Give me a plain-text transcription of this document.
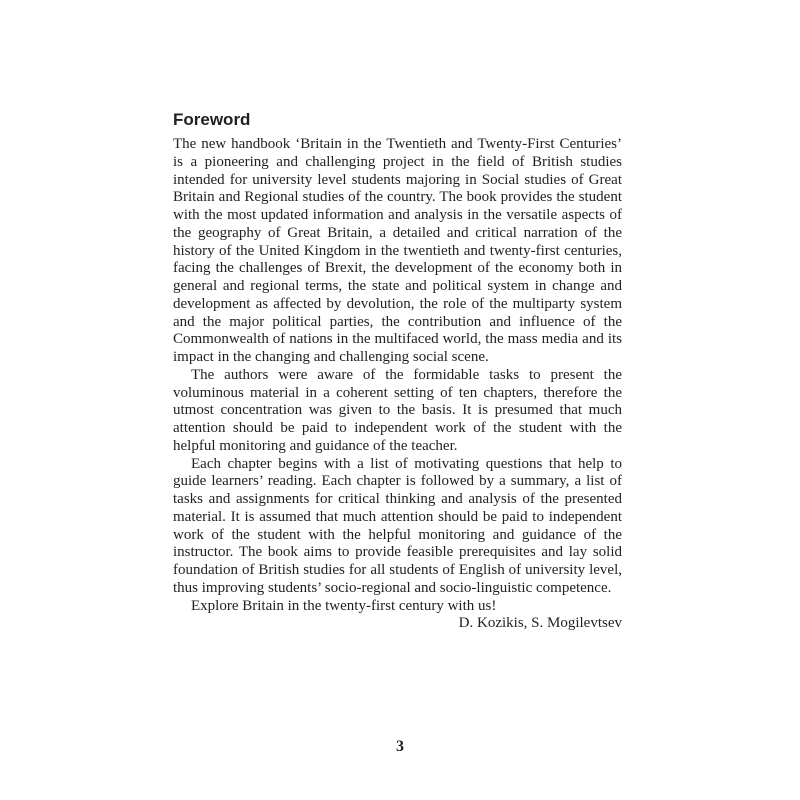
Foreword

The new handbook ‘Britain in the Twentieth and Twenty-First Centuries’ is a pioneering and challenging project in the field of British studies intended for university level students majoring in Social studies of Great Britain and Regional studies of the country. The book provides the student with the most updated information and analysis in the versatile aspects of the geography of Great Britain, a detailed and critical narration of the history of the United Kingdom in the twentieth and twenty-first centuries, facing the challenges of Brexit, the development of the economy both in general and regional terms, the state and political system in change and development as affected by devolution, the role of the multiparty system and the major political parties, the contribution and influence of the Commonwealth of nations in the multifaced world, the mass media and its impact in the changing and challenging social scene.

The authors were aware of the formidable tasks to present the voluminous material in a coherent setting of ten chapters, therefore the utmost concentration was given to the basis. It is presumed that much attention should be paid to independent work of the student with the helpful monitoring and guidance of the teacher.

Each chapter begins with a list of motivating questions that help to guide learners’ reading. Each chapter is followed by a summary, a list of tasks and assignments for critical thinking and analysis of the presented material. It is assumed that much attention should be paid to independent work of the student with the helpful monitoring and guidance of the instructor. The book aims to provide feasible prerequisites and lay solid foundation of British studies for all students of English of university level, thus improving students’ socio-regional and socio-linguistic competence.

Explore Britain in the twenty-first century with us!

D. Kozikis, S. Mogilevtsev

3
